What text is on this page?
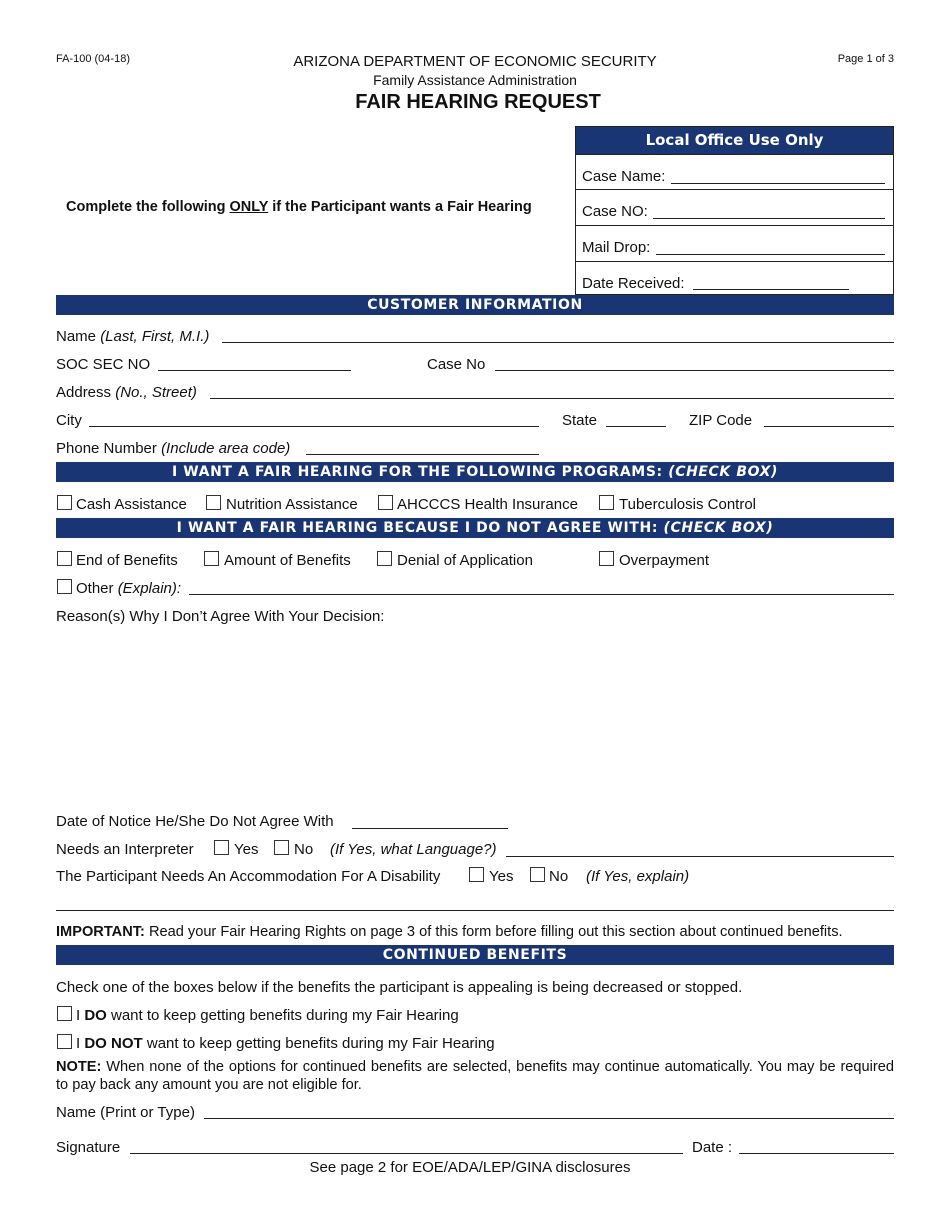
FA-100 (04-18)	Page 1 of 3
ARIZONA DEPARTMENT OF ECONOMIC SECURITY
Family Assistance Administration
FAIR HEARING REQUEST
Complete the following ONLY if the Participant wants a Fair Hearing
Local Office Use Only
Case Name:
Case NO:
Mail Drop:
Date Received:
CUSTOMER INFORMATION
Name (Last, First, M.I.)
SOC SEC NO	Case No
Address (No., Street)
City	State	ZIP Code
Phone Number (Include area code)
I WANT A FAIR HEARING FOR THE FOLLOWING PROGRAMS: (CHECK BOX)
Cash Assistance	Nutrition Assistance	AHCCCS Health Insurance	Tuberculosis Control
I WANT A FAIR HEARING BECAUSE I DO NOT AGREE WITH: (CHECK BOX)
End of Benefits	Amount of Benefits	Denial of Application	Overpayment
Other (Explain):
Reason(s) Why I Don’t Agree With Your Decision:
Date of Notice He/She Do Not Agree With
Needs an Interpreter	Yes No (If Yes, what Language?)
The Participant Needs An Accommodation For A Disability	Yes No (If Yes, explain)
IMPORTANT: Read your Fair Hearing Rights on page 3 of this form before filling out this section about continued benefits.
CONTINUED BENEFITS
Check one of the boxes below if the benefits the participant is appealing is being decreased or stopped.
I DO want to keep getting benefits during my Fair Hearing
I DO NOT want to keep getting benefits during my Fair Hearing
NOTE: When none of the options for continued benefits are selected, benefits may continue automatically. You may be required to pay back any amount you are not eligible for.
Name (Print or Type)
Signature	Date :
See page 2 for EOE/ADA/LEP/GINA disclosures
